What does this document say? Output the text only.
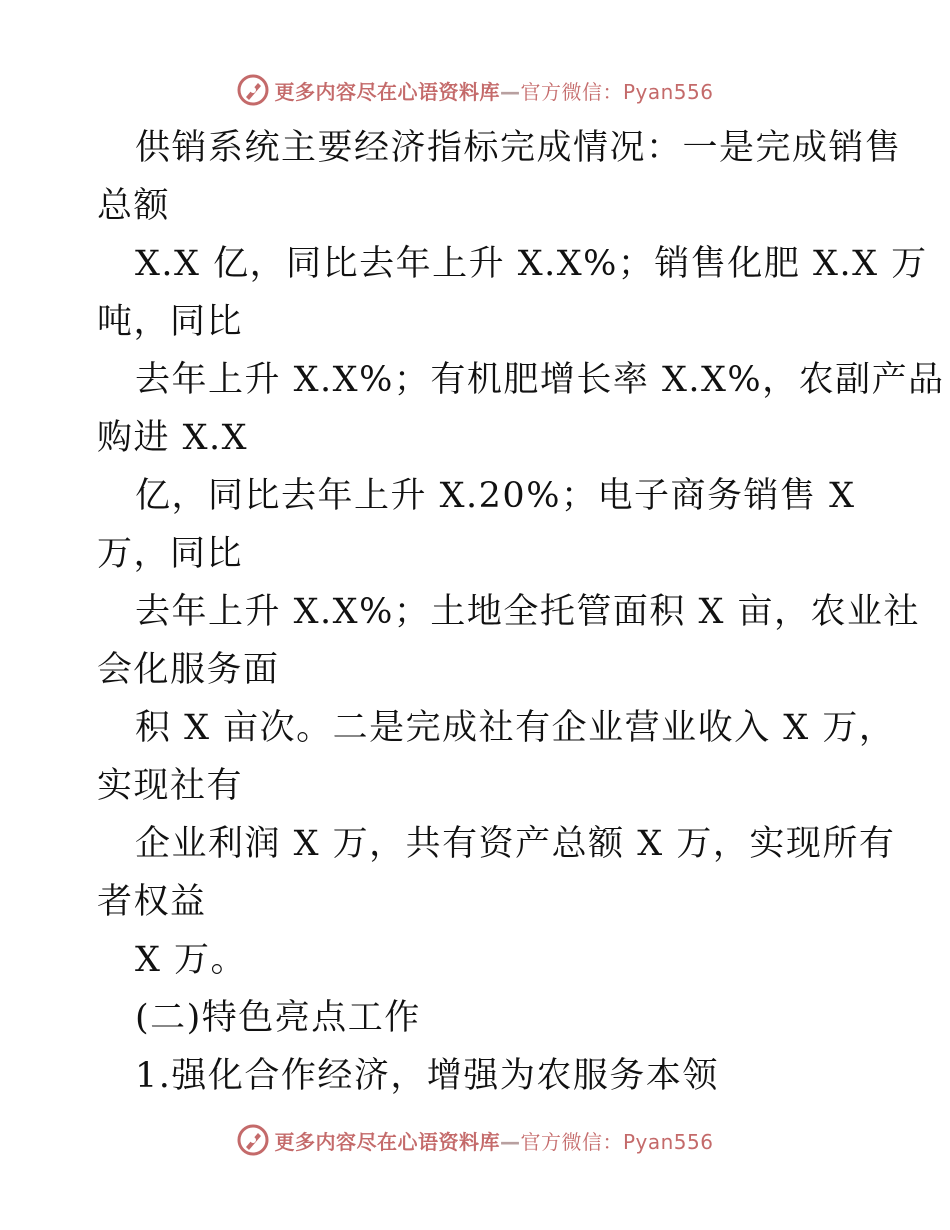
更多内容尽在心语资料库—官方微信：Pyan556
供销系统主要经济指标完成情况：一是完成销售
总额
X.X 亿，同比去年上升 X.X%；销售化肥 X.X 万
吨，同比
去年上升 X.X%；有机肥增长率 X.X%，农副产品
购进 X.X
亿，同比去年上升 X.20%；电子商务销售 X
万，同比
去年上升 X.X%；土地全托管面积 X 亩，农业社
会化服务面
积 X 亩次。二是完成社有企业营业收入 X 万，
实现社有
企业利润 X 万，共有资产总额 X 万，实现所有
者权益
X 万。
(二)特色亮点工作
1.强化合作经济，增强为农服务本领
更多内容尽在心语资料库—官方微信：Pyan556
